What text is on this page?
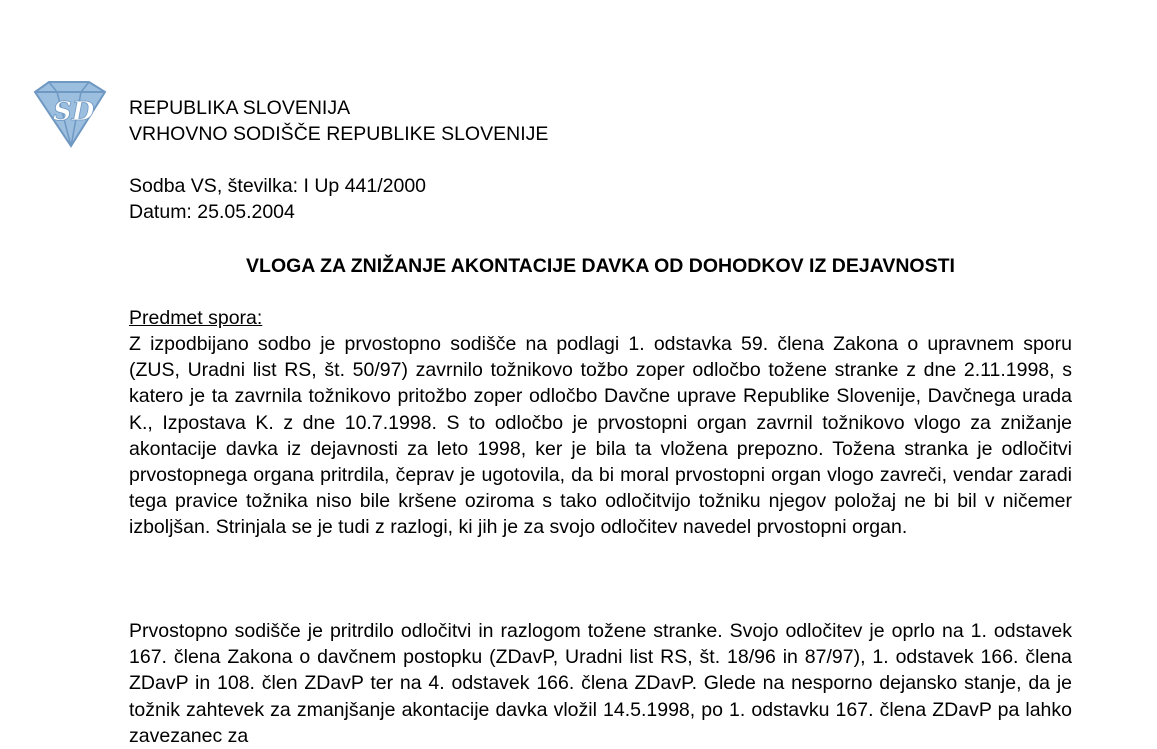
SD REPUBLIKA SLOVENIJA
VRHOVNO SODIŠČE REPUBLIKE SLOVENIJE
Sodba VS, številka: I Up 441/2000
Datum: 25.05.2004
VLOGA ZA ZNIŽANJE AKONTACIJE DAVKA OD DOHODKOV IZ DEJAVNOSTI
Predmet spora:

Z izpodbijano sodbo je prvostopno sodišče na podlagi 1. odstavka 59. člena Zakona o upravnem sporu (ZUS, Uradni list RS, št. 50/97) zavrnilo tožnikovo tožbo zoper odločbo tožene stranke z dne 2.11.1998, s katero je ta zavrnila tožnikovo pritožbo zoper odločbo Davčne uprave Republike Slovenije, Davčnega urada K., Izpostava K. z dne 10.7.1998. S to odločbo je prvostopni organ zavrnil tožnikovo vlogo za znižanje akontacije davka iz dejavnosti za leto 1998, ker je bila ta vložena prepozno. Tožena stranka je odločitvi prvostopnega organa pritrdila, čeprav je ugotovila, da bi moral prvostopni organ vlogo zavreči, vendar zaradi tega pravice tožnika niso bile kršene oziroma s tako odločitvijo tožniku njegov položaj ne bi bil v ničemer izboljšan. Strinjala se je tudi z razlogi, ki jih je za svojo odločitev navedel prvostopni organ.

Prvostopno sodišče je pritrdilo odločitvi in razlogom tožene stranke. Svojo odločitev je oprlo na 1. odstavek 167. člena Zakona o davčnem postopku (ZDavP, Uradni list RS, št. 18/96 in 87/97), 1. odstavek 166. člena ZDavP in 108. člen ZDavP ter na 4. odstavek 166. člena ZDavP. Glede na nesporno dejansko stanje, da je tožnik zahtevek za zmanjšanje akontacije davka vložil 14.5.1998, po 1. odstavku 167. člena ZDavP pa lahko zavezanec za
